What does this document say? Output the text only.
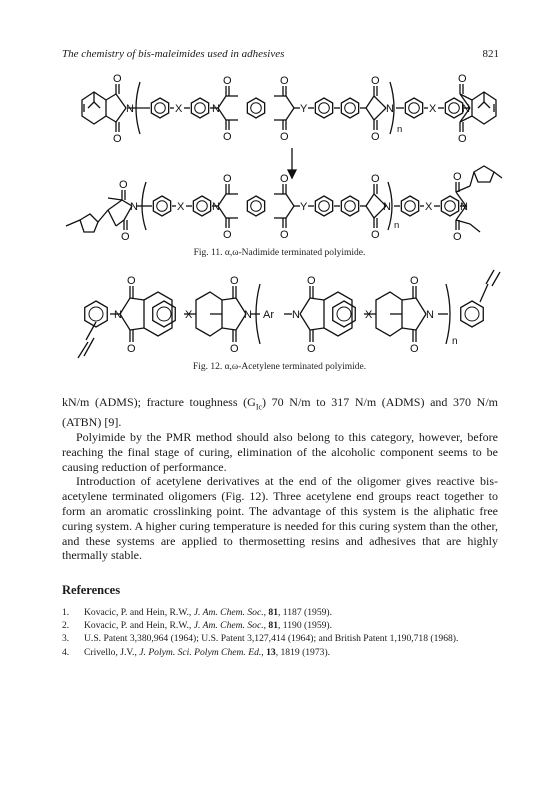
The chemistry of bis-maleimides used in adhesives	821
N
O
O
X	N
O
O
O
O
Y
O
O
N
n
X N
O
O
N
O
O
X	N
O
O
O
O
Y
O
O
N
n
X	N
O
O
Fig. 11. α,ω-Nadimide terminated polyimide.
N
O
O
X
O
O
N Ar N
O
O
X
O
O
N
n
Fig. 12. α,ω-Acetylene terminated polyimide.

kN/m (ADMS); fracture toughness $(G_{Ic})$ 70 N/m to 317 N/m (ADMS) and 370 N/m (ATBN) [9].

Polyimide by the PMR method should also belong to this category, however, before reaching the final stage of curing, elimination of the alcoholic component seems to be causing reduction of performance.

Introduction of acetylene derivatives at the end of the oligomer gives reactive bis-acetylene terminated oligomers (Fig. 12). Three acetylene end groups react together to form an aromatic crosslinking point. The advantage of this system is the aliphatic free curing system. A higher curing temperature is needed for this curing system than the other, and these systems are applied to thermosetting resins and adhesives that are highly thermally stable.

References
1. Kovacic, P. and Hein, R.W., J. Am. Chem. Soc., 81, 1187 (1959).
2. Kovacic, P. and Hein, R.W., J. Am. Chem. Soc., 81, 1190 (1959).
3. U.S. Patent 3,380,964 (1964); U.S. Patent 3,127,414 (1964); and British Patent 1,190,718 (1968).
4. Crivello, J.V., J. Polym. Sci. Polym Chem. Ed., 13, 1819 (1973).
